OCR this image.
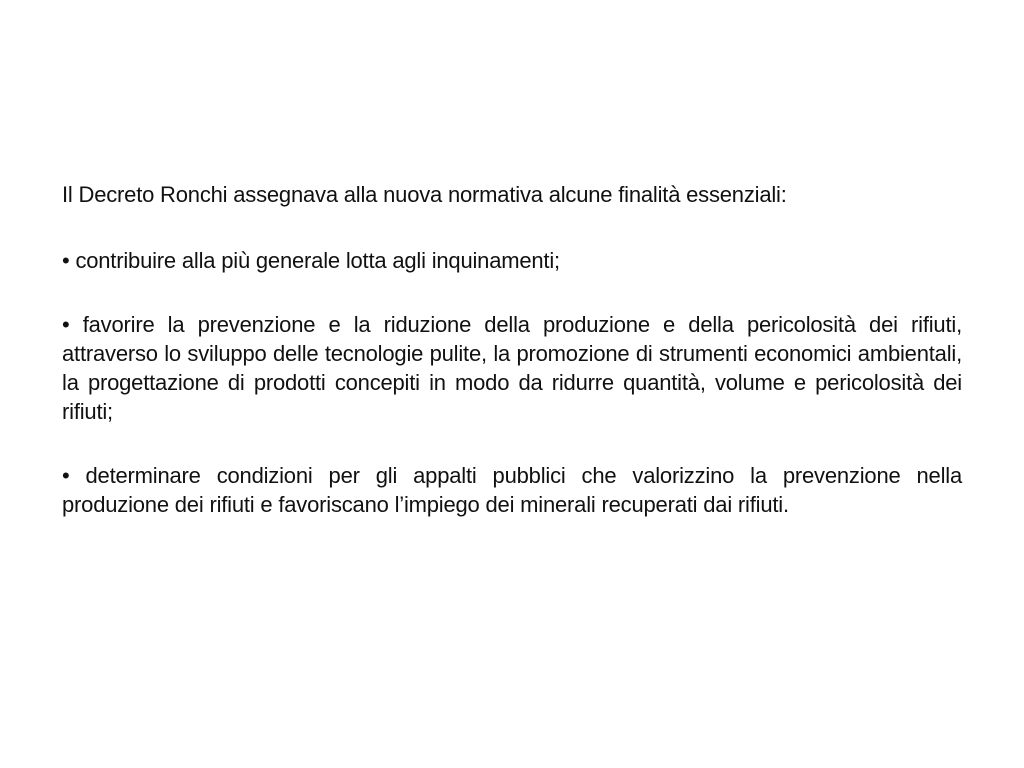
Il Decreto Ronchi assegnava alla nuova normativa alcune finalità essenziali:

• contribuire alla più generale lotta agli inquinamenti;

• favorire la prevenzione e la riduzione della produzione e della pericolosità dei rifiuti, attraverso lo sviluppo delle tecnologie pulite, la promozione di strumenti economici ambientali, la progettazione di prodotti concepiti in modo da ridurre quantità, volume e pericolosità dei rifiuti;

• determinare condizioni per gli appalti pubblici che valorizzino la prevenzione nella produzione dei rifiuti e favoriscano l’impiego dei minerali recuperati dai rifiuti.
